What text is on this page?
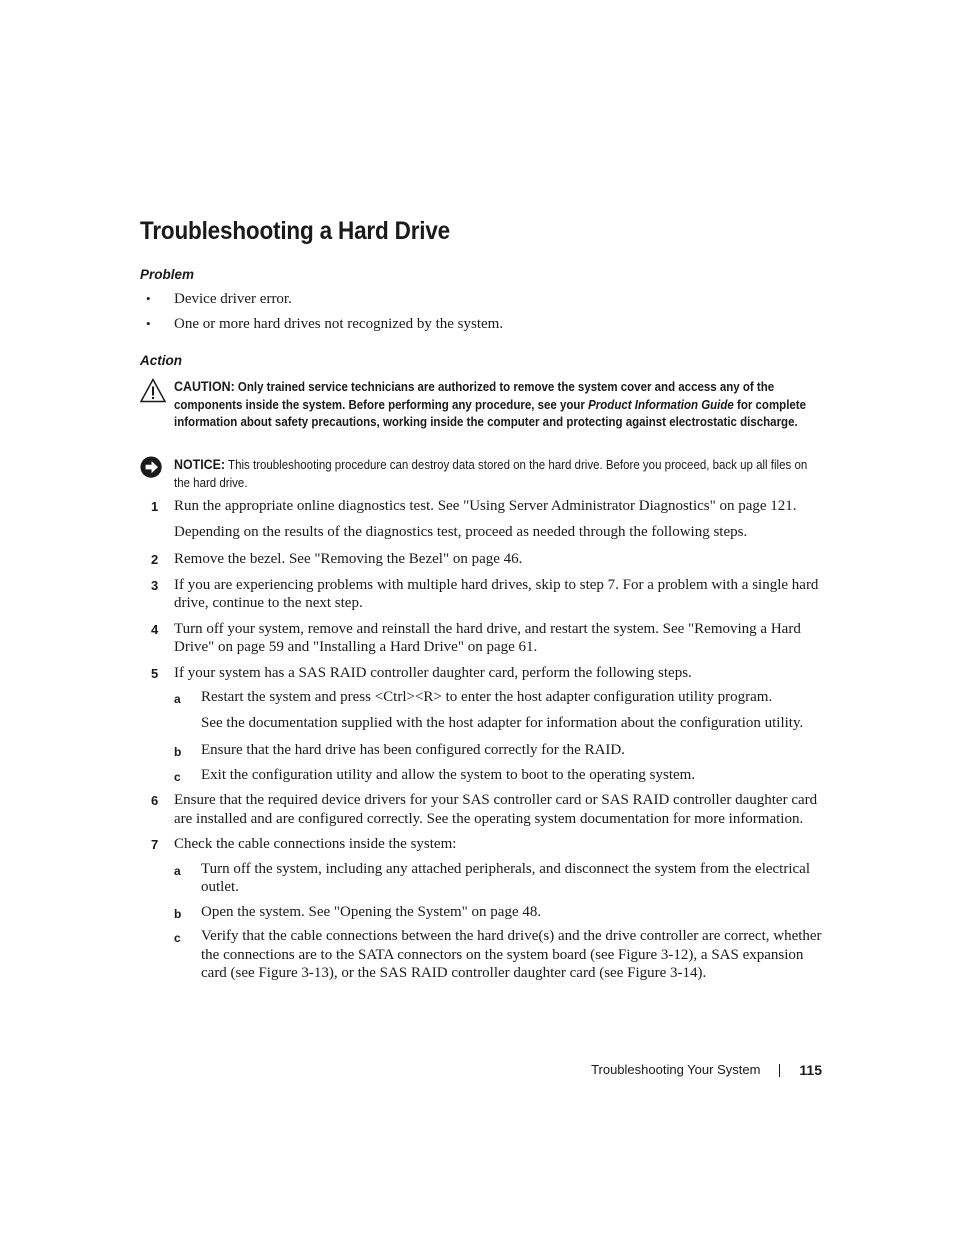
Troubleshooting a Hard Drive
Problem
• Device driver error.
• One or more hard drives not recognized by the system.
Action
CAUTION: Only trained service technicians are authorized to remove the system cover and access any of the components inside the system. Before performing any procedure, see your Product Information Guide for complete information about safety precautions, working inside the computer and protecting against electrostatic discharge.
NOTICE: This troubleshooting procedure can destroy data stored on the hard drive. Before you proceed, back up all files on the hard drive.
1 Run the appropriate online diagnostics test. See "Using Server Administrator Diagnostics" on page 121.
Depending on the results of the diagnostics test, proceed as needed through the following steps.
2 Remove the bezel. See "Removing the Bezel" on page 46.
3 If you are experiencing problems with multiple hard drives, skip to step 7. For a problem with a single hard drive, continue to the next step.
4 Turn off your system, remove and reinstall the hard drive, and restart the system. See "Removing a Hard Drive" on page 59 and "Installing a Hard Drive" on page 61.
5 If your system has a SAS RAID controller daughter card, perform the following steps.
a Restart the system and press <Ctrl><R> to enter the host adapter configuration utility program.
See the documentation supplied with the host adapter for information about the configuration utility.
b Ensure that the hard drive has been configured correctly for the RAID.
c Exit the configuration utility and allow the system to boot to the operating system.
6 Ensure that the required device drivers for your SAS controller card or SAS RAID controller daughter card are installed and are configured correctly. See the operating system documentation for more information.
7 Check the cable connections inside the system:
a Turn off the system, including any attached peripherals, and disconnect the system from the electrical outlet.
b Open the system. See "Opening the System" on page 48.
c Verify that the cable connections between the hard drive(s) and the drive controller are correct, whether the connections are to the SATA connectors on the system board (see Figure 3-12), a SAS expansion card (see Figure 3-13), or the SAS RAID controller daughter card (see Figure 3-14).
Troubleshooting Your System	115
